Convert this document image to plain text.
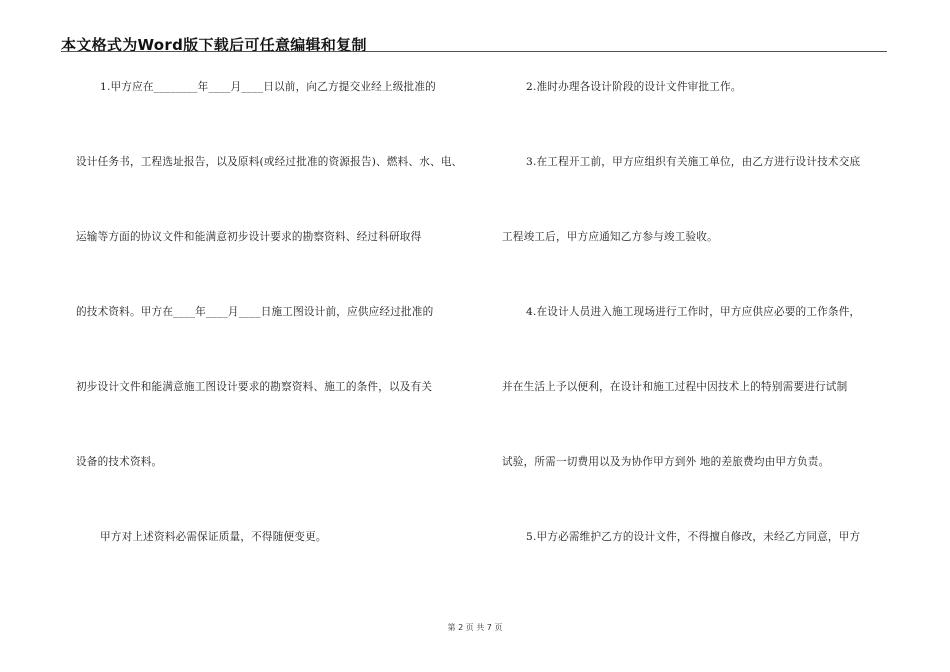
本文格式为Word版下载后可任意编辑和复制
1.甲方应在________年____月____日以前，向乙方提交业经上级批准的
设计任务书，工程选址报告，以及原料(或经过批准的资源报告)、燃料、水、电、
运输等方面的协议文件和能满意初步设计要求的勘察资料、经过科研取得
的技术资料。甲方在____年____月____日施工图设计前，应供应经过批准的
初步设计文件和能满意施工图设计要求的勘察资料、施工的条件，以及有关
设备的技术资料。
甲方对上述资料必需保证质量，不得随便变更。
2.准时办理各设计阶段的设计文件审批工作。
3.在工程开工前，甲方应组织有关施工单位，由乙方进行设计技术交底
工程竣工后，甲方应通知乙方参与竣工验收。
4.在设计人员进入施工现场进行工作时，甲方应供应必要的工作条件，
并在生活上予以便利，在设计和施工过程中因技术上的特别需要进行试制
试验，所需一切费用以及为协作甲方到外 地的差旅费均由甲方负责。
5.甲方必需维护乙方的设计文件，不得擅自修改，未经乙方同意，甲方
第 2 页 共 7 页
